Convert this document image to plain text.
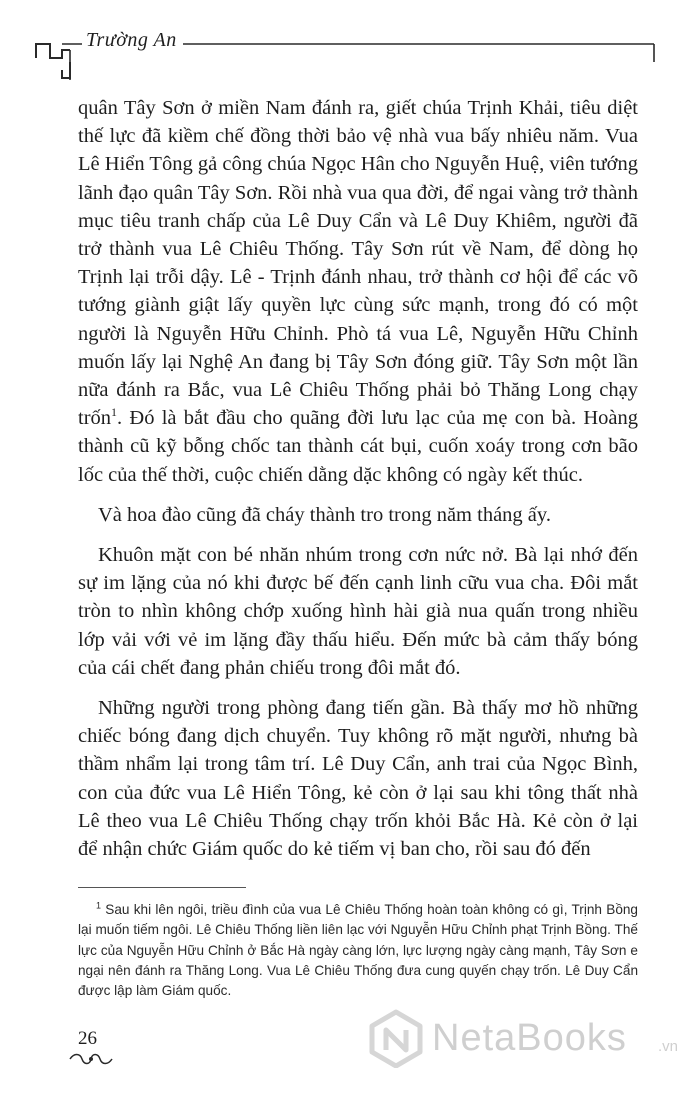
Trường An

quân Tây Sơn ở miền Nam đánh ra, giết chúa Trịnh Khải, tiêu diệt thế lực đã kiềm chế đồng thời bảo vệ nhà vua bấy nhiêu năm. Vua Lê Hiển Tông gả công chúa Ngọc Hân cho Nguyễn Huệ, viên tướng lãnh đạo quân Tây Sơn. Rồi nhà vua qua đời, để ngai vàng trở thành mục tiêu tranh chấp của Lê Duy Cẩn và Lê Duy Khiêm, người đã trở thành vua Lê Chiêu Thống. Tây Sơn rút về Nam, để dòng họ Trịnh lại trỗi dậy. Lê - Trịnh đánh nhau, trở thành cơ hội để các võ tướng giành giật lấy quyền lực cùng sức mạnh, trong đó có một người là Nguyễn Hữu Chỉnh. Phò tá vua Lê, Nguyễn Hữu Chỉnh muốn lấy lại Nghệ An đang bị Tây Sơn đóng giữ. Tây Sơn một lần nữa đánh ra Bắc, vua Lê Chiêu Thống phải bỏ Thăng Long chạy trốn$^1$. Đó là bắt đầu cho quãng đời lưu lạc của mẹ con bà. Hoàng thành cũ kỹ bỗng chốc tan thành cát bụi, cuốn xoáy trong cơn bão lốc của thế thời, cuộc chiến dằng dặc không có ngày kết thúc.

Và hoa đào cũng đã cháy thành tro trong năm tháng ấy.

Khuôn mặt con bé nhăn nhúm trong cơn nức nở. Bà lại nhớ đến sự im lặng của nó khi được bế đến cạnh linh cữu vua cha. Đôi mắt tròn to nhìn không chớp xuống hình hài già nua quấn trong nhiều lớp vải với vẻ im lặng đầy thấu hiểu. Đến mức bà cảm thấy bóng của cái chết đang phản chiếu trong đôi mắt đó.

Những người trong phòng đang tiến gần. Bà thấy mơ hồ những chiếc bóng đang dịch chuyển. Tuy không rõ mặt người, nhưng bà thầm nhẩm lại trong tâm trí. Lê Duy Cẩn, anh trai của Ngọc Bình, con của đức vua Lê Hiển Tông, kẻ còn ở lại sau khi tông thất nhà Lê theo vua Lê Chiêu Thống chạy trốn khỏi Bắc Hà. Kẻ còn ở lại để nhận chức Giám quốc do kẻ tiếm vị ban cho, rồi sau đó đến

$^1$ Sau khi lên ngôi, triều đình của vua Lê Chiêu Thống hoàn toàn không có gì, Trịnh Bồng lại muốn tiếm ngôi. Lê Chiêu Thống liền liên lạc với Nguyễn Hữu Chỉnh phạt Trịnh Bồng. Thế lực của Nguyễn Hữu Chỉnh ở Bắc Hà ngày càng lớn, lực lượng ngày càng mạnh, Tây Sơn e ngại nên đánh ra Thăng Long. Vua Lê Chiêu Thống đưa cung quyến chạy trốn. Lê Duy Cẩn được lập làm Giám quốc.
26	NetaBooks .vn
